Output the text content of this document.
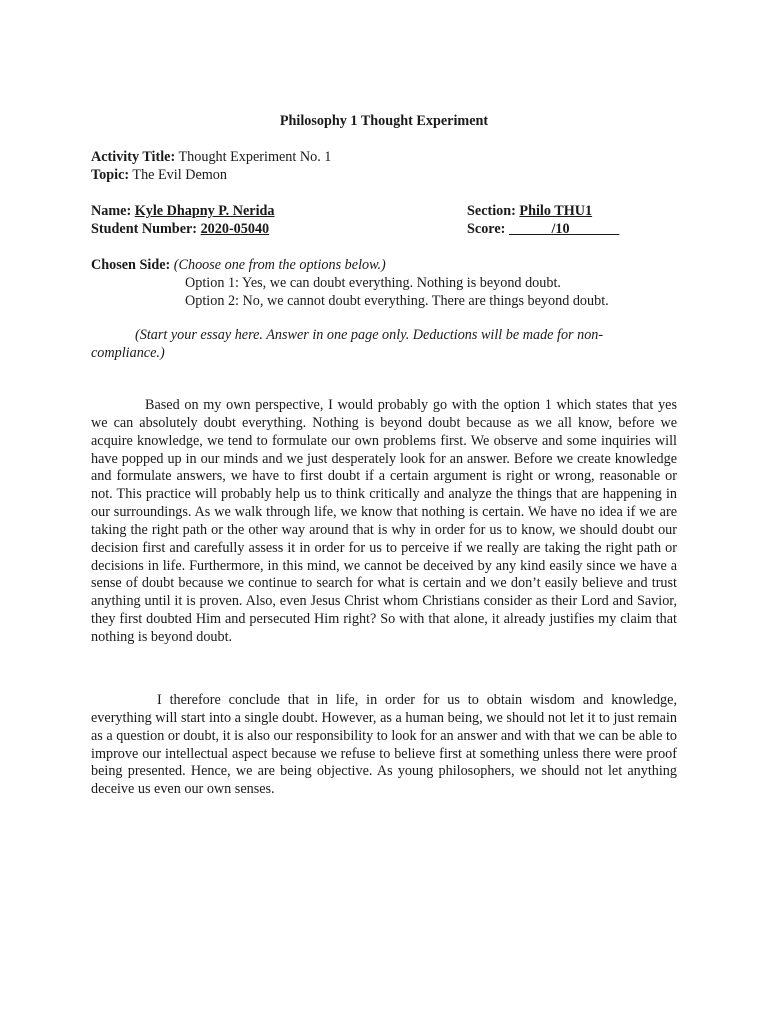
Philosophy 1 Thought Experiment
Activity Title: Thought Experiment No. 1
Topic: The Evil Demon
Name: Kyle Dhapny P. Nerida	Section: Philo THU1
Student Number: 2020-05040	Score:    	/10    
Chosen Side: (Choose one from the options below.)
Option 1: Yes, we can doubt everything. Nothing is beyond doubt.
Option 2: No, we cannot doubt everything. There are things beyond doubt.
(Start your essay here. Answer in one page only. Deductions will be made for non-compliance.)
Based on my own perspective, I would probably go with the option 1 which states that yes we can absolutely doubt everything. Nothing is beyond doubt because as we all know, before we acquire knowledge, we tend to formulate our own problems first. We observe and some inquiries will have popped up in our minds and we just desperately look for an answer. Before we create knowledge and formulate answers, we have to first doubt if a certain argument is right or wrong, reasonable or not. This practice will probably help us to think critically and analyze the things that are happening in our surroundings. As we walk through life, we know that nothing is certain. We have no idea if we are taking the right path or the other way around that is why in order for us to know, we should doubt our decision first and carefully assess it in order for us to perceive if we really are taking the right path or decisions in life. Furthermore, in this mind, we cannot be deceived by any kind easily since we have a sense of doubt because we continue to search for what is certain and we don’t easily believe and trust anything until it is proven. Also, even Jesus Christ whom Christians consider as their Lord and Savior, they first doubted Him and persecuted Him right? So with that alone, it already justifies my claim that nothing is beyond doubt.
I therefore conclude that in life, in order for us to obtain wisdom and knowledge, everything will start into a single doubt. However, as a human being, we should not let it to just remain as a question or doubt, it is also our responsibility to look for an answer and with that we can be able to improve our intellectual aspect because we refuse to believe first at something unless there were proof being presented. Hence, we are being objective. As young philosophers, we should not let anything deceive us even our own senses.
